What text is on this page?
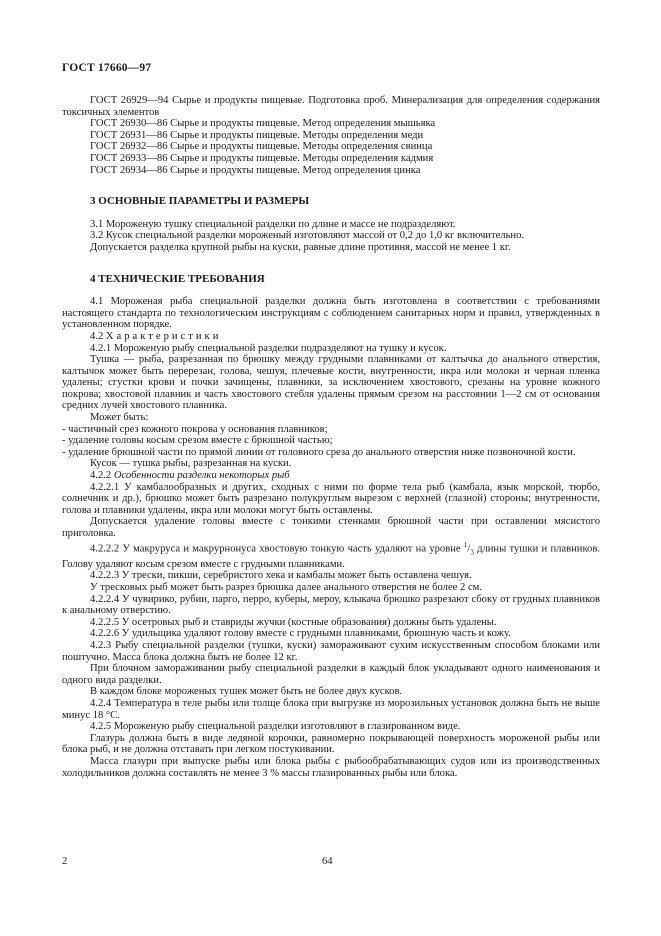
ГОСТ 17660—97

ГОСТ 26929—94 Сырье и продукты пищевые. Подготовка проб. Минерализация для определения содержания токсичных элементов

ГОСТ 26930—86 Сырье и продукты пищевые. Метод определения мышьяка

ГОСТ 26931—86 Сырье и продукты пищевые. Методы определения меди

ГОСТ 26932—86 Сырье и продукты пищевые. Методы определения свинца

ГОСТ 26933—86 Сырье и продукты пищевые. Методы определения кадмия

ГОСТ 26934—86 Сырье и продукты пищевые. Метод определения цинка

3 ОСНОВНЫЕ ПАРАМЕТРЫ И РАЗМЕРЫ

3.1 Мороженую тушку специальной разделки по длине и массе не подразделяют.

3.2 Кусок специальной разделки мороженый изготовляют массой от 0,2 до 1,0 кг включительно.

Допускается разделка крупной рыбы на куски, равные длине противня, массой не менее 1 кг.

4 ТЕХНИЧЕСКИЕ ТРЕБОВАНИЯ

4.1 Мороженая рыба специальной разделки должна быть изготовлена в соответствии с требованиями настоящего стандарта по технологическим инструкциям с соблюдением санитарных норм и правил, утвержденных в установленном порядке.

4.2 Характеристики

4.2.1 Мороженую рыбу специальной разделки подразделяют на тушку и кусок.

Тушка — рыба, разрезанная по брюшку между грудными плавниками от калтычка до анального отверстия, калтычок может быть перерезан, голова, чешуя, плечевые кости, внутренности, икра или молоки и черная пленка удалены; сгустки крови и почки зачищены, плавники, за исключением хвостового, срезаны на уровне кожного покрова; хвостовой плавник и часть хвостового стебля удалены прямым срезом на расстоянии 1—2 см от основания средних лучей хвостового плавника.

Может быть:

- частичный срез кожного покрова у основания плавников;

- удаление головы косым срезом вместе с брюшной частью;

- удаление брюшной части по прямой линии от головного среза до анального отверстия ниже позвоночной кости.

Кусок — тушка рыбы, разрезанная на куски.

4.2.2 Особенности разделки некоторых рыб

4.2.2.1 У камбалообразных и других, сходных с ними по форме тела рыб (камбала, язык морской, тюрбо, солнечник и др.), брюшко может быть разрезано полукруглым вырезом с верхней (глазной) стороны; внутренности, голова и плавники удалены, икра или молоки могут быть оставлены.

Допускается удаление головы вместе с тонкими стенками брюшной части при оставлении мясистого приголовка.

4.2.2.2 У макруруса и макрурнонуса хвостовую тонкую часть удаляют на уровне $^1/_3$ длины тушки и плавников. Голову удаляют косым срезом вместе с грудными плавниками.

4.2.2.3 У трески, пикши, серебристого хека и камбалы может быть оставлена чешуя.

У тресковых рыб может быть разрез брюшка далее анального отверстия не более 2 см.

4.2.2.4 У чувирико, рубии, парго, перро, куберы, мероу, клыкача брюшко разрезают сбоку от грудных плавников к анальному отверстию.

4.2.2.5 У осетровых рыб и ставриды жучки (костные образования) должны быть удалены.

4.2.2.6 У удильщика удаляют голову вместе с грудными плавниками, брюшную часть и кожу.

4.2.3 Рыбу специальной разделки (тушки, куски) замораживают сухим искусственным способом блоками или поштучно. Масса блока должна быть не более 12 кг.

При блочном замораживании рыбу специальной разделки в каждый блок укладывают одного наименования и одного вида разделки.

В каждом блоке мороженых тушек может быть не более двух кусков.

4.2.4 Температура в теле рыбы или толще блока при выгрузке из морозильных установок должна быть не выше минус 18 °С.

4.2.5 Мороженую рыбу специальной разделки изготовляют в глазированном виде.

Глазурь должна быть в виде ледяной корочки, равномерно покрывающей поверхность мороженой рыбы или блока рыб, и не должна отставать при легком постукивании.

Масса глазури при выпуске рыбы или блока рыбы с рыбообрабатывающих судов или из производственных холодильников должна составлять не менее 3 % массы глазированных рыбы или блока.

2	64
